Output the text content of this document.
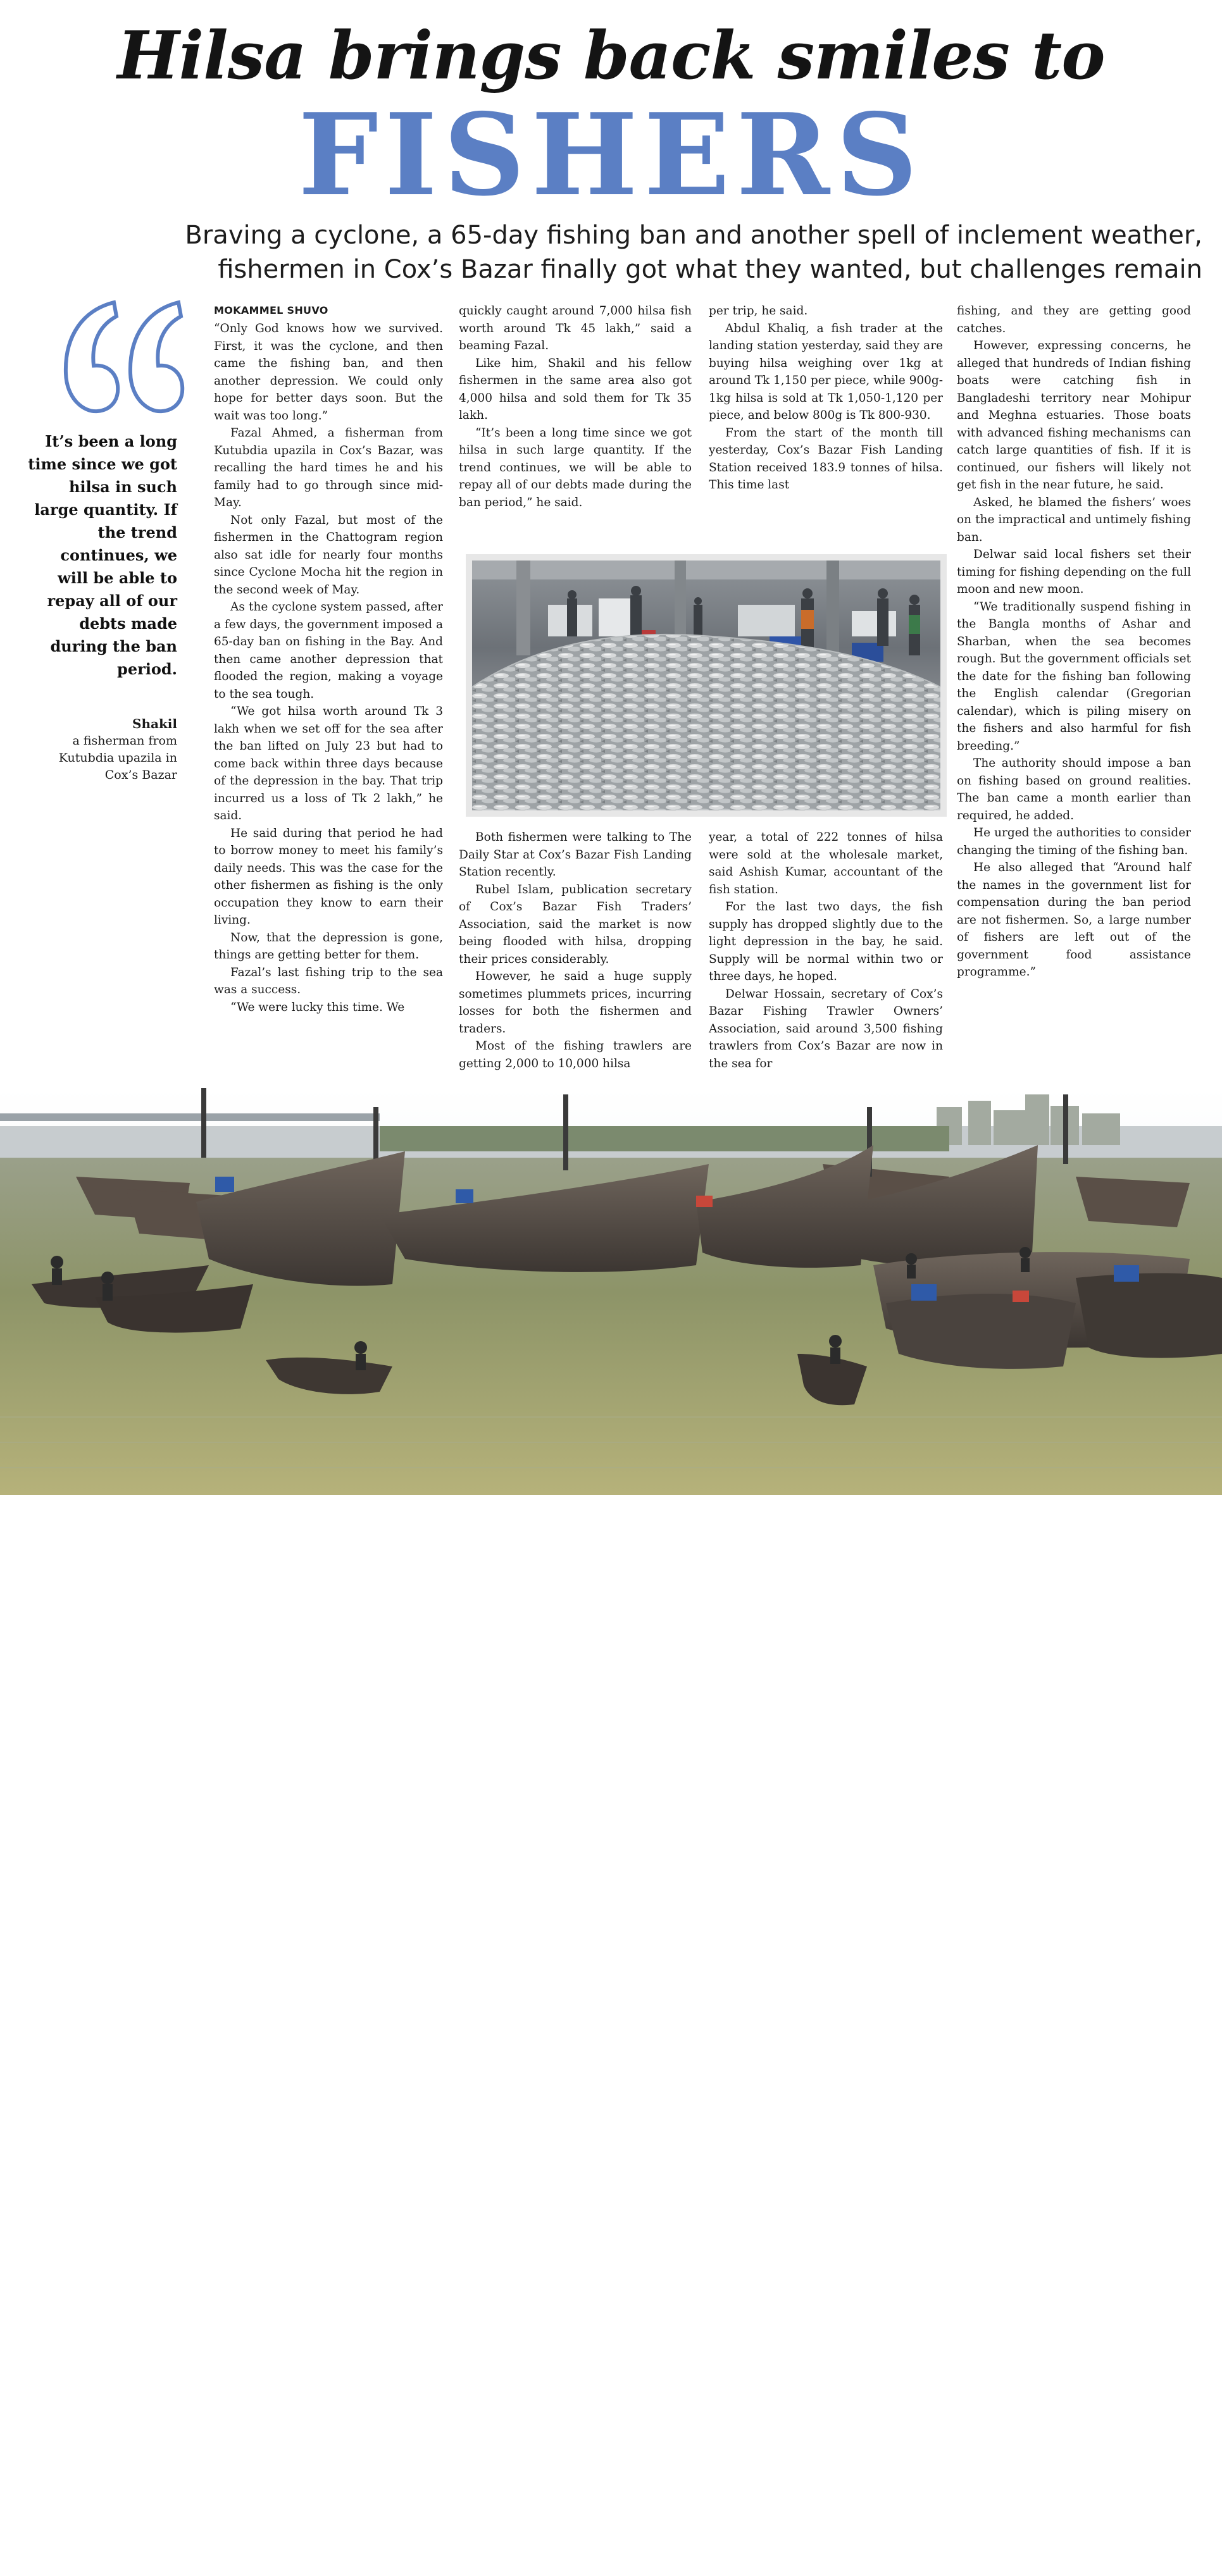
Hilsa brings back smiles to
FISHERS
Braving a cyclone, a 65-day fishing ban and another spell of inclement weather,
fishermen in Cox’s Bazar finally got what they wanted, but challenges remain
It’s been a long time since we got hilsa in such large quantity. If the trend continues, we will be able to repay all of our debts made during the ban period.
Shakil
a fisherman from Kutubdia upazila in Cox’s Bazar
MOKAMMEL SHUVO

“Only God knows how we survived. First, it was the cyclone, and then came the fishing ban, and then another depression. We could only hope for better days soon. But the wait was too long.”

Fazal Ahmed, a fisherman from Kutubdia upazila in Cox’s Bazar, was recalling the hard times he and his family had to go through since mid-May.

Not only Fazal, but most of the fishermen in the Chattogram region also sat idle for nearly four months since Cyclone Mocha hit the region in the second week of May.

As the cyclone system passed, after a few days, the government imposed a 65-day ban on fishing in the Bay. And then came another depression that flooded the region, making a voyage to the sea tough.

“We got hilsa worth around Tk 3 lakh when we set off for the sea after the ban lifted on July 23 but had to come back within three days because of the depression in the bay. That trip incurred us a loss of Tk 2 lakh,” he said.

He said during that period he had to borrow money to meet his family’s daily needs. This was the case for the other fishermen as fishing is the only occupation they know to earn their living.

Now, that the depression is gone, things are getting better for them.

Fazal’s last fishing trip to the sea was a success.

“We were lucky this time. We

quickly caught around 7,000 hilsa fish worth around Tk 45 lakh,” said a beaming Fazal.

Like him, Shakil and his fellow fishermen in the same area also got 4,000 hilsa and sold them for Tk 35 lakh.

“It’s been a long time since we got hilsa in such large quantity. If the trend continues, we will be able to repay all of our debts made during the ban period,” he said.

per trip, he said.

Abdul Khaliq, a fish trader at the landing station yesterday, said they are buying hilsa weighing over 1kg at around Tk 1,150 per piece, while 900g-1kg hilsa is sold at Tk 1,050-1,120 per piece, and below 800g is Tk 800-930.

From the start of the month till yesterday, Cox’s Bazar Fish Landing Station received 183.9 tonnes of hilsa. This time last

fishing, and they are getting good catches.

However, expressing concerns, he alleged that hundreds of Indian fishing boats were catching fish in Bangladeshi territory near Mohipur and Meghna estuaries. Those boats with advanced fishing mechanisms can catch large quantities of fish. If it is continued, our fishers will likely not get fish in the near future, he said.

Asked, he blamed the fishers’ woes on the impractical and untimely fishing ban.

Delwar said local fishers set their timing for fishing depending on the full moon and new moon.

“We traditionally suspend fishing in the Bangla months of Ashar and Sharban, when the sea becomes rough. But the government officials set the date for the fishing ban following the English calendar (Gregorian calendar), which is piling misery on the fishers and also harmful for fish breeding.”

The authority should impose a ban on fishing based on ground realities. The ban came a month earlier than required, he added.

He urged the authorities to consider changing the timing of the fishing ban.

He also alleged that “Around half the names in the government list for compensation during the ban period are not fishermen. So, a large number of fishers are left out of the government food assistance programme.”

Both fishermen were talking to The Daily Star at Cox’s Bazar Fish Landing Station recently.

Rubel Islam, publication secretary of Cox’s Bazar Fish Traders’ Association, said the market is now being flooded with hilsa, dropping their prices considerably.

However, he said a huge supply sometimes plummets prices, incurring losses for both the fishermen and traders.

Most of the fishing trawlers are getting 2,000 to 10,000 hilsa

year, a total of 222 tonnes of hilsa were sold at the wholesale market, said Ashish Kumar, accountant of the fish station.

For the last two days, the fish supply has dropped slightly due to the light depression in the bay, he said. Supply will be normal within two or three days, he hoped.

Delwar Hossain, secretary of Cox’s Bazar Fishing Trawler Owners’ Association, said around 3,500 fishing trawlers from Cox’s Bazar are now in the sea for

PHOTO: MOKAMMEL SHUVO
